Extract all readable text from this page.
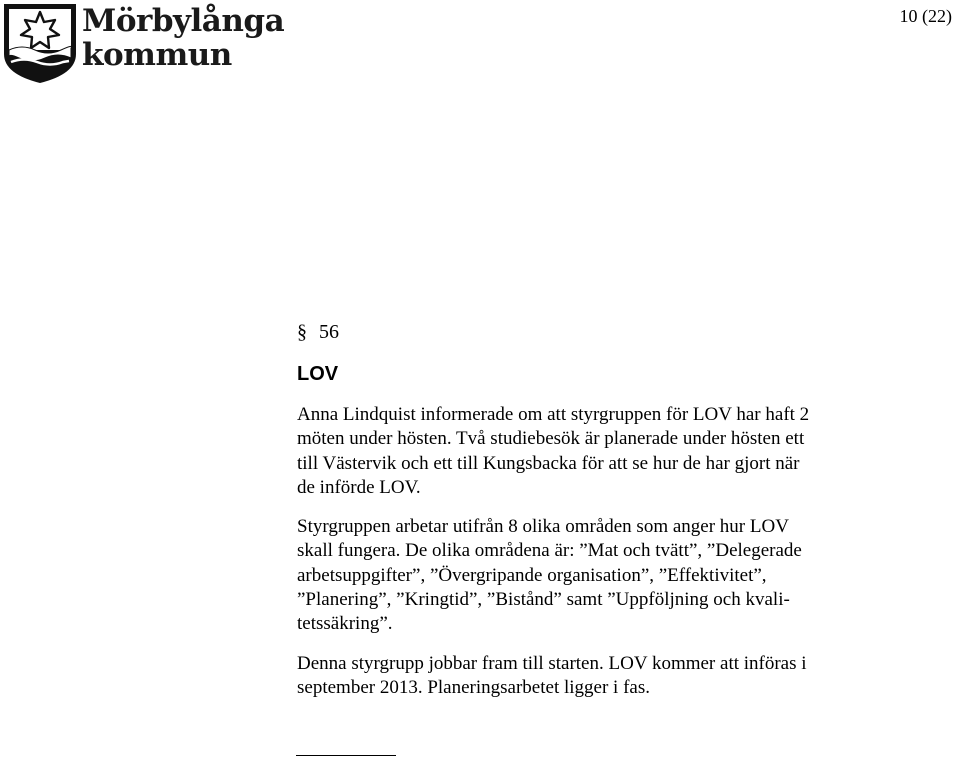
Mörbylånga
kommun
10 (22)
§ 56
LOV
Anna Lindquist informerade om att styrgruppen för LOV har haft 2
möten under hösten. Två studiebesök är planerade under hösten ett
till Västervik och ett till Kungsbacka för att se hur de har gjort när
de införde LOV.
Styrgruppen arbetar utifrån 8 olika områden som anger hur LOV
skall fungera. De olika områdena är: ”Mat och tvätt”, ”Delegerade
arbetsuppgifter”, ”Övergripande organisation”, ”Effektivitet”,
”Planering”, ”Kringtid”, ”Bistånd” samt ”Uppföljning och kvali-
tetssäkring”.
Denna styrgrupp jobbar fram till starten. LOV kommer att införas i
september 2013. Planeringsarbetet ligger i fas.
